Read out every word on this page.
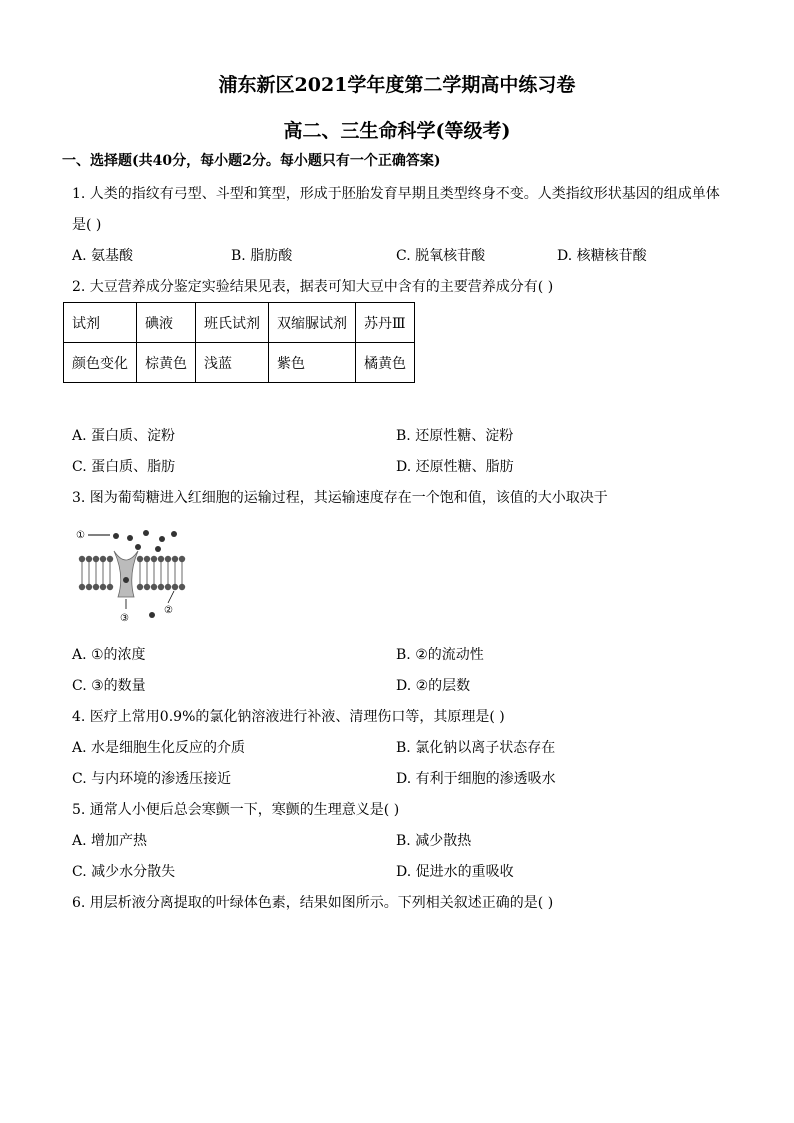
浦东新区2021学年度第二学期高中练习卷
高二、三生命科学(等级考)
一、选择题(共40分，每小题2分。每小题只有一个正确答案)
1. 人类的指纹有弓型、斗型和箕型，形成于胚胎发育早期且类型终身不变。人类指纹形状基因的组成单体
是( )
A. 氨基酸	B. 脂肪酸	C. 脱氧核苷酸	D. 核糖核苷酸
2. 大豆营养成分鉴定实验结果见表，据表可知大豆中含有的主要营养成分有( )
试剂	碘液	班氏试剂	双缩脲试剂	苏丹Ⅲ
颜色变化	棕黄色	浅蓝	紫色	橘黄色
A. 蛋白质、淀粉	B. 还原性糖、淀粉
C. 蛋白质、脂肪	D. 还原性糖、脂肪
3. 图为葡萄糖进入红细胞的运输过程，其运输速度存在一个饱和值，该值的大小取决于
①
②
③
A. ①的浓度	B. ②的流动性
C. ③的数量	D. ②的层数
4. 医疗上常用0.9%的氯化钠溶液进行补液、清理伤口等，其原理是( )
A. 水是细胞生化反应的介质	B. 氯化钠以离子状态存在
C. 与内环境的渗透压接近	D. 有利于细胞的渗透吸水
5. 通常人小便后总会寒颤一下，寒颤的生理意义是( )
A. 增加产热	B. 减少散热
C. 减少水分散失	D. 促进水的重吸收
6. 用层析液分离提取的叶绿体色素，结果如图所示。下列相关叙述正确的是( )
